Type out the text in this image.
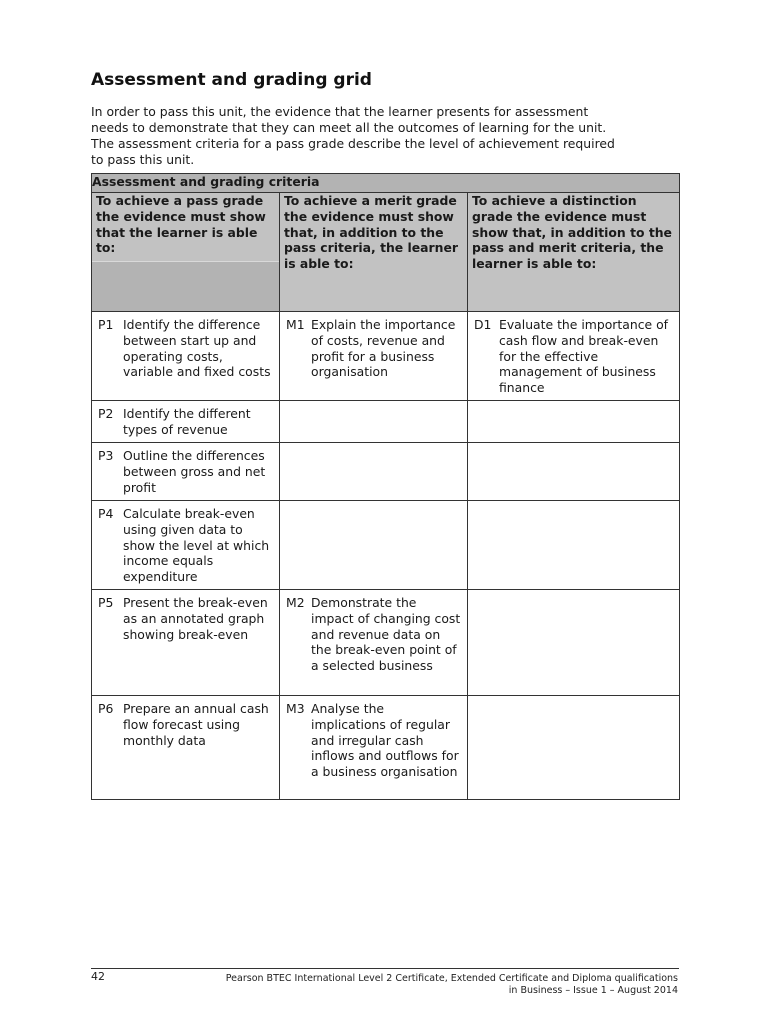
Assessment and grading grid
In order to pass this unit, the evidence that the learner presents for assessment
needs to demonstrate that they can meet all the outcomes of learning for the unit.
The assessment criteria for a pass grade describe the level of achievement required
to pass this unit.
Assessment and grading criteria		

To achieve a pass grade the evidence must show that the learner is able to:	To achieve a merit grade the evidence must show that, in addition to the pass criteria, the learner is able to:	To achieve a distinction grade the evidence must show that, in addition to the pass and merit criteria, the learner is able to:

P1 Identify the difference between start up and operating costs, variable and fixed costs	M1 Explain the importance of costs, revenue and profit for a business organisation	D1 Evaluate the importance of cash flow and break-even for the effective management of business finance

P2 Identify the different types of revenue		

P3 Outline the differences between gross and net profit		

P4 Calculate break-even using given data to show the level at which income equals expenditure		

P5 Present the break-even as an annotated graph showing break-even	M2 Demonstrate the impact of changing cost and revenue data on the break-even point of a selected business	

P6 Prepare an annual cash flow forecast using monthly data	M3 Analyse the implications of regular and irregular cash inflows and outflows for a business organisation	

42	Pearson BTEC International Level 2 Certificate, Extended Certificate and Diploma qualifications
in Business – Issue 1 – August 2014
